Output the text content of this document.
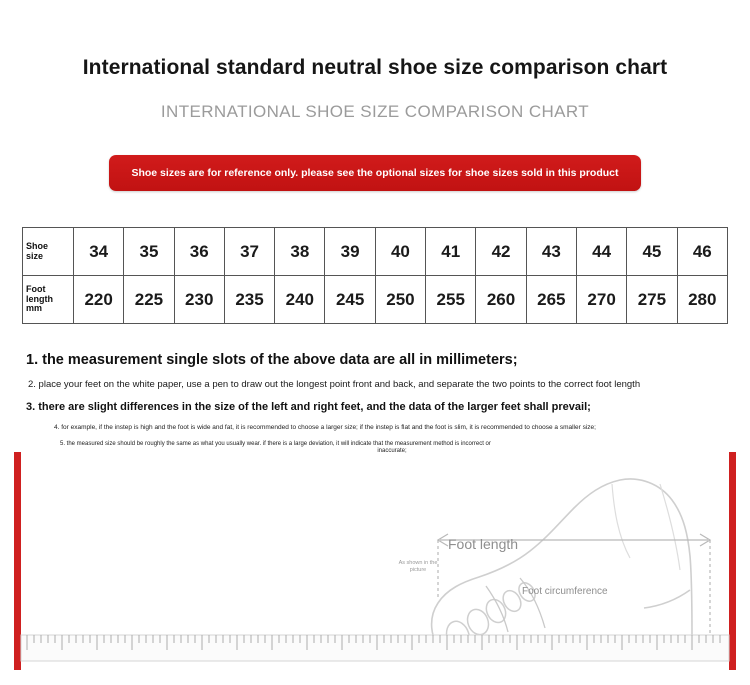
International standard neutral shoe size comparison chart
INTERNATIONAL SHOE SIZE COMPARISON CHART
Shoe sizes are for reference only. please see the optional sizes for shoe sizes sold in this product
Shoe
size	34	35	36	37	38	39	40	41	42	43	44	45	46

Foot
length
mm	220	225	230	235	240	245	250	255	260	265	270	275	280
1. the measurement single slots of the above data are all in millimeters;
2. place your feet on the white paper, use a pen to draw out the longest point front and back, and separate the two points to the correct foot length
3. there are slight differences in the size of the left and right feet, and the data of the larger feet shall prevail;
4. for example, if the instep is high and the foot is wide and fat, it is recommended to choose a larger size; if the instep is flat and the foot is slim, it is recommended to choose a smaller size;
5. the measured size should be roughly the same as what you usually wear. if there is a large deviation, it will indicate that the measurement method is incorrect or
inaccurate;
Foot length
Foot circumference
As shown in the picture
